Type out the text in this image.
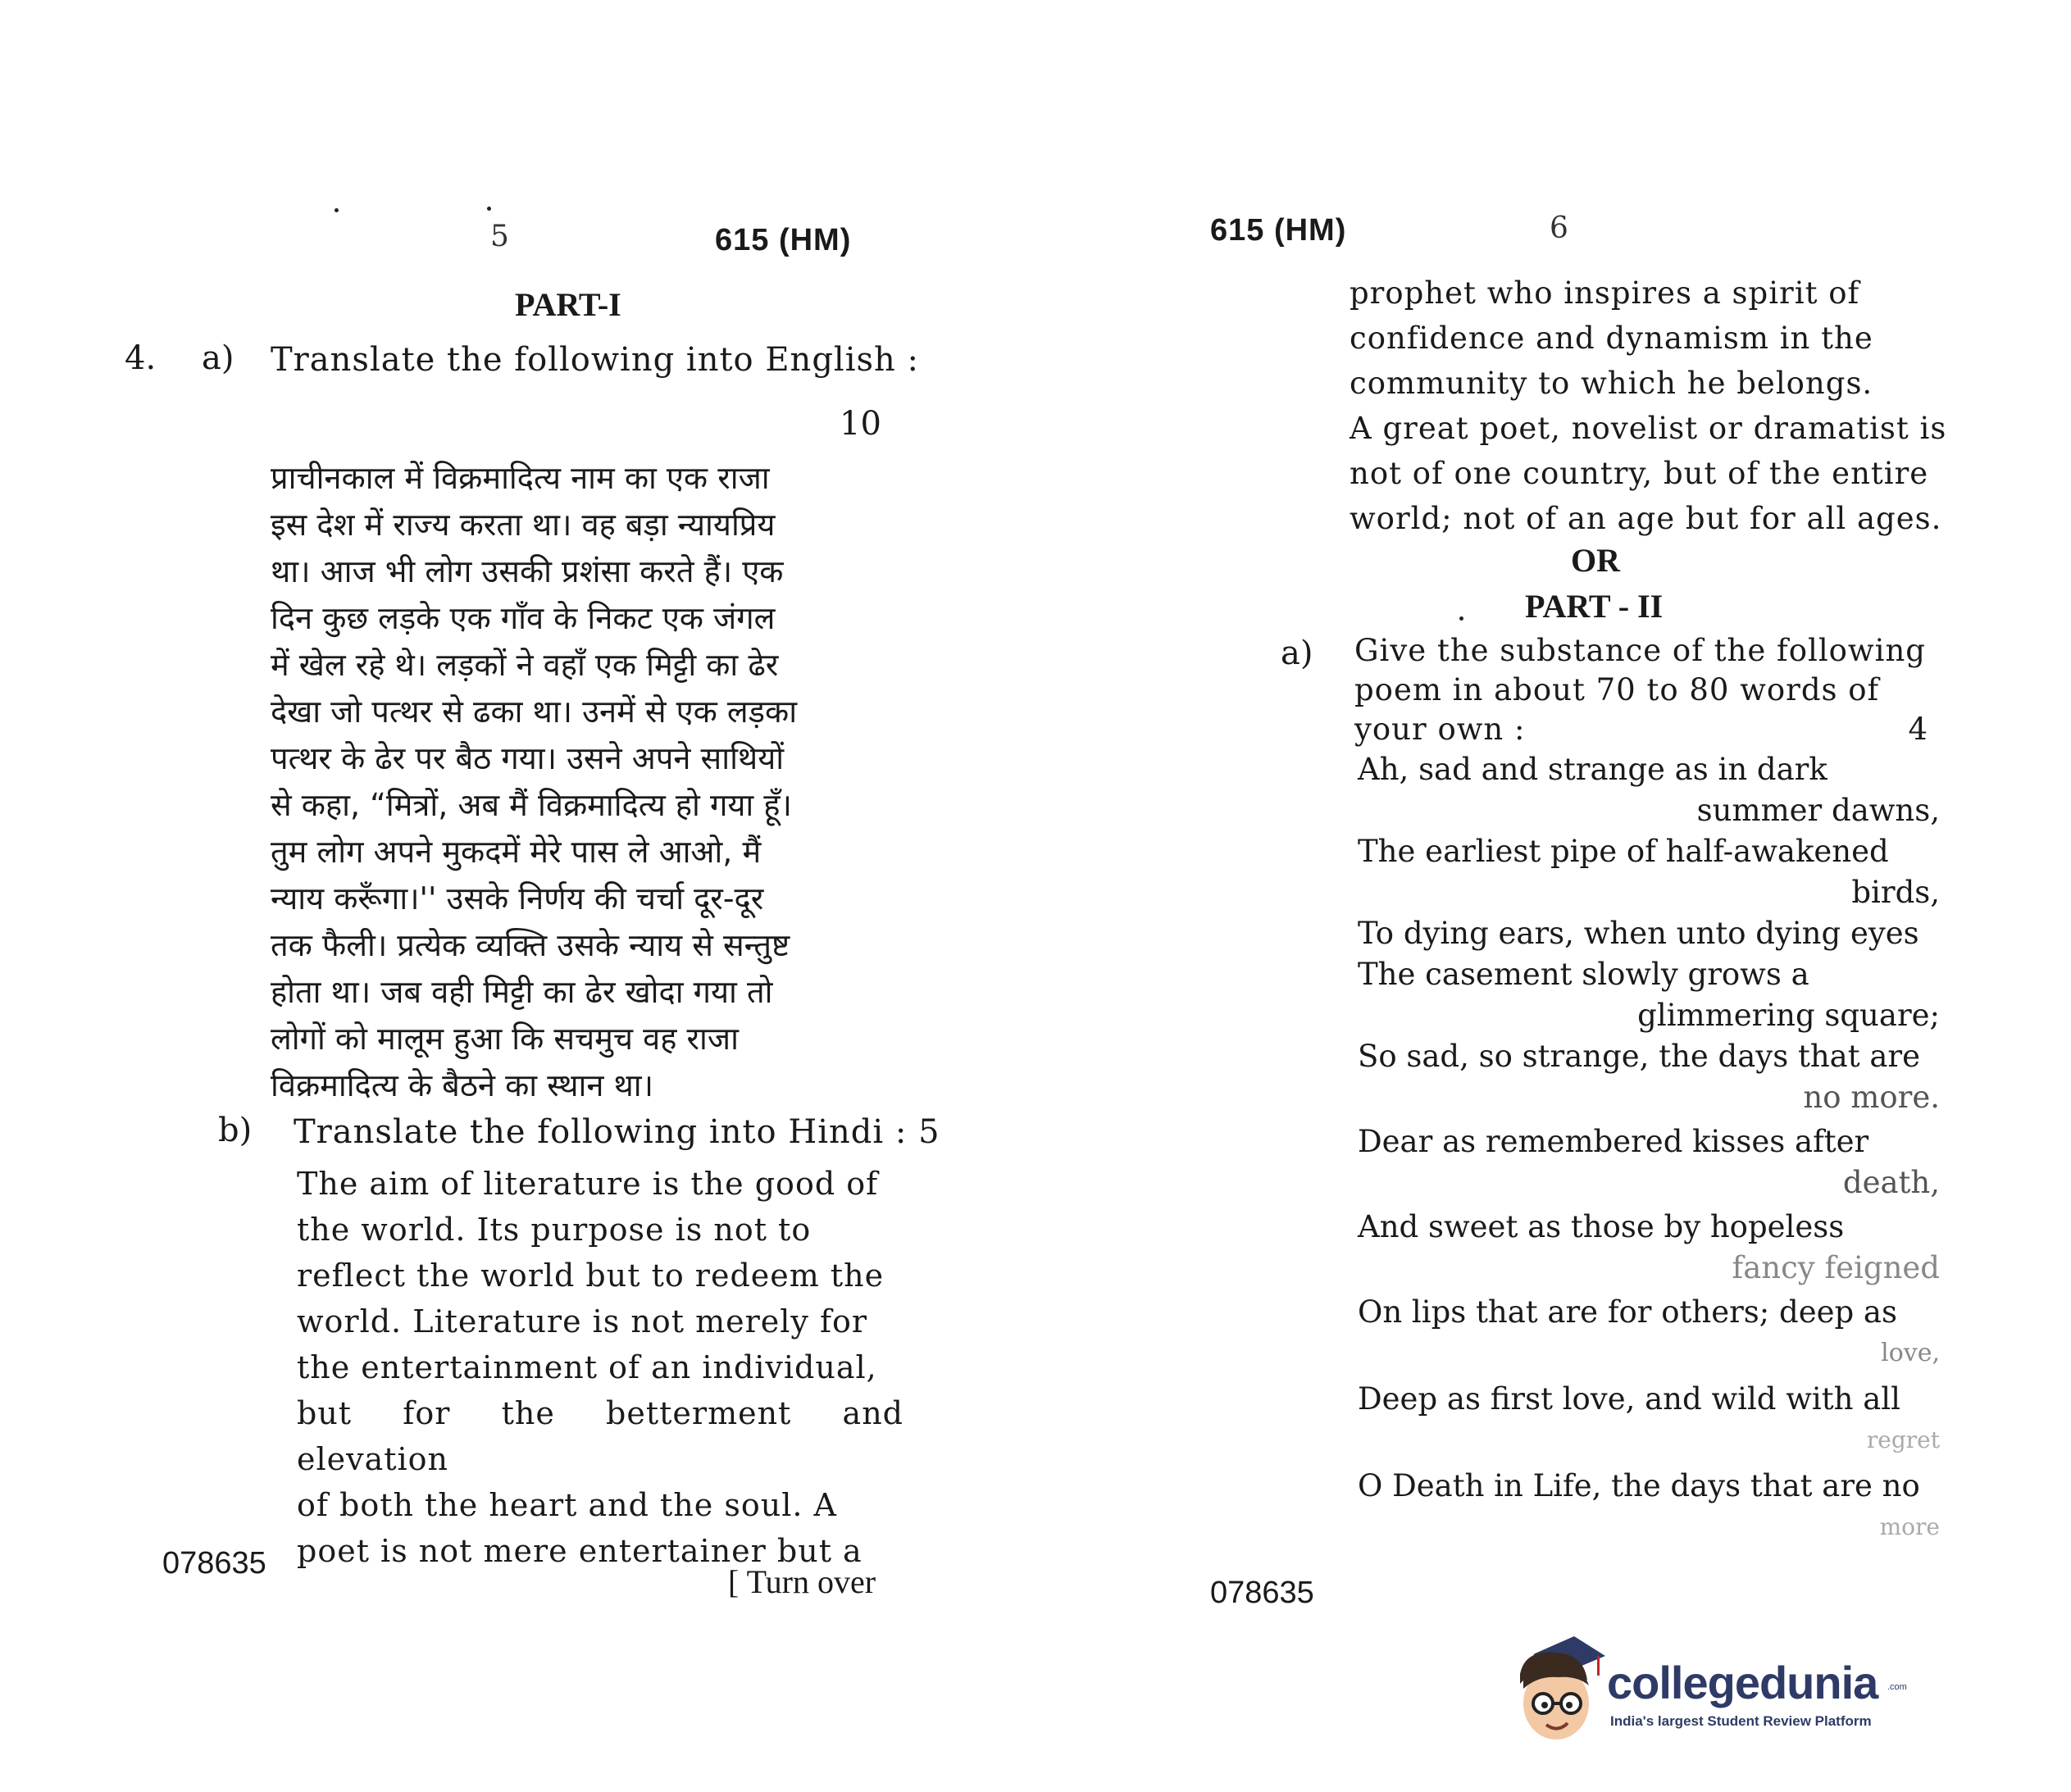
5	615 (HM)
PART-I
4. a) Translate the following into English :
10
प्राचीनकाल में विक्रमादित्य नाम का एक राजा
इस देश में राज्य करता था। वह बड़ा न्यायप्रिय
था। आज भी लोग उसकी प्रशंसा करते हैं। एक
दिन कुछ लड़के एक गाँव के निकट एक जंगल
में खेल रहे थे। लड़कों ने वहाँ एक मिट्टी का ढेर
देखा जो पत्थर से ढका था। उनमें से एक लड़का
पत्थर के ढेर पर बैठ गया। उसने अपने साथियों
से कहा, “मित्रों, अब मैं विक्रमादित्य हो गया हूँ।
तुम लोग अपने मुकदमें मेरे पास ले आओ, मैं
न्याय करूँगा।'' उसके निर्णय की चर्चा दूर-दूर
तक फैली। प्रत्येक व्यक्ति उसके न्याय से सन्तुष्ट
होता था। जब वही मिट्टी का ढेर खोदा गया तो
लोगों को मालूम हुआ कि सचमुच वह राजा
विक्रमादित्य के बैठने का स्थान था।
b) Translate the following into Hindi : 5
The aim of literature is the good of
the world. Its purpose is not to
reflect the world but to redeem the
world. Literature is not merely for
the entertainment of an individual,
but for the betterment and elevation
of both the heart and the soul. A
poet is not mere entertainer but a
078635	[ Turn over
615 (HM)	6
prophet who inspires a spirit of
confidence and dynamism in the
community to which he belongs.
A great poet, novelist or dramatist is
not of one country, but of the entire
world; not of an age but for all ages.
OR
PART - II
a) Give the substance of the following
poem in about 70 to 80 words of
your own :	4
Ah, sad and strange as in dark
summer dawns,
The earliest pipe of half-awakened
birds,
To dying ears, when unto dying eyes
The casement slowly grows a
glimmering square;
So sad, so strange, the days that are
no more.
Dear as remembered kisses after
death,
And sweet as those by hopeless
fancy feigned
On lips that are for others; deep as
love,
Deep as first love, and wild with all
regret
O Death in Life, the days that are no
more
078635
collegedunia .com
India's largest Student Review Platform
